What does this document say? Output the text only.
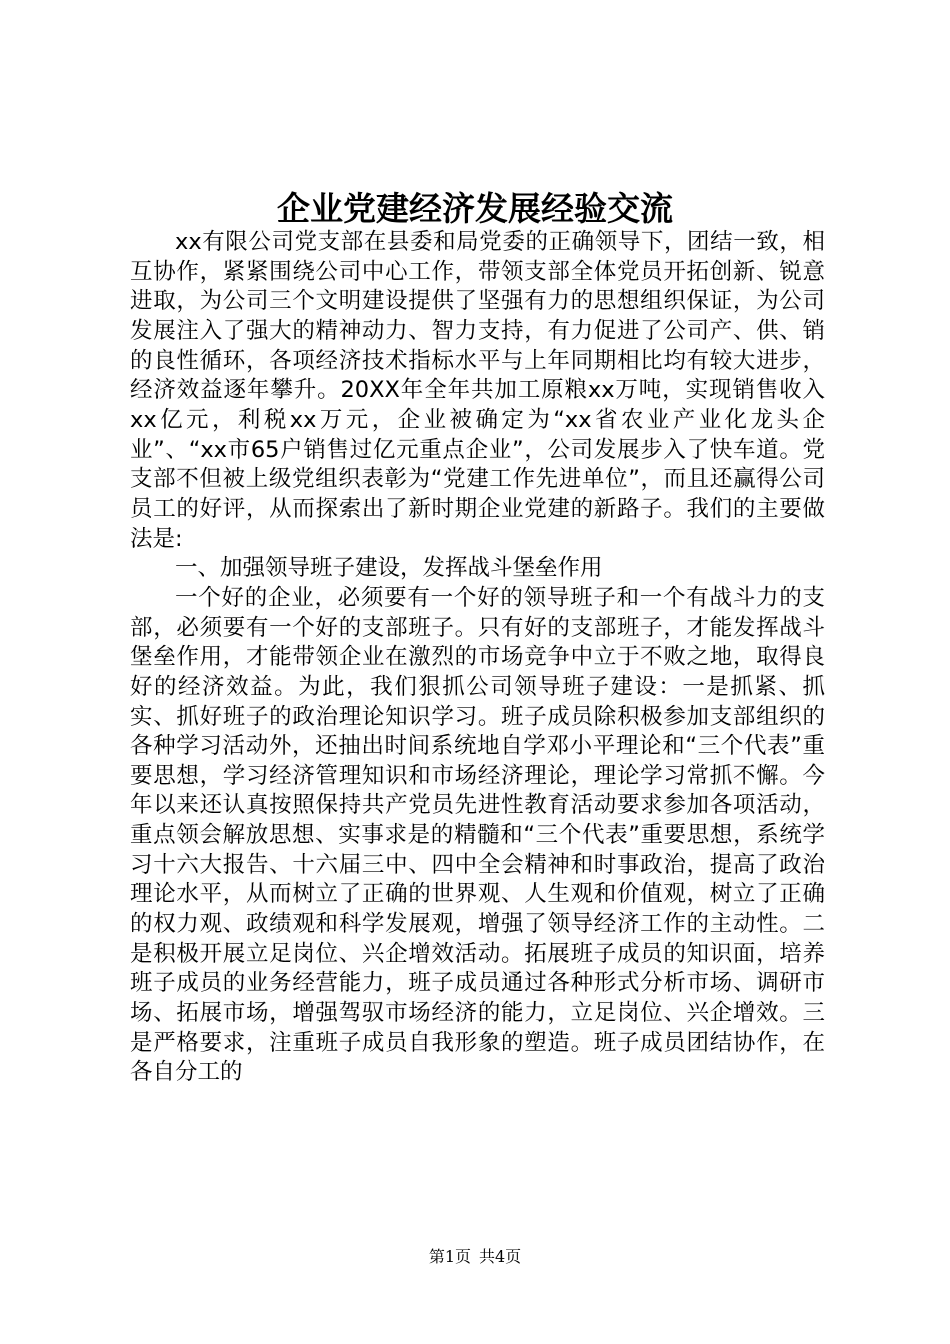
企业党建经济发展经验交流

xx有限公司党支部在县委和局党委的正确领导下，团结一致，相互协作，紧紧围绕公司中心工作，带领支部全体党员开拓创新、锐意进取，为公司三个文明建设提供了坚强有力的思想组织保证，为公司发展注入了强大的精神动力、智力支持，有力促进了公司产、供、销的良性循环，各项经济技术指标水平与上年同期相比均有较大进步，经济效益逐年攀升。20XX年全年共加工原粮xx万吨，实现销售收入xx亿元，利税xx万元，企业被确定为“xx省农业产业化龙头企业”、“xx市65户销售过亿元重点企业”，公司发展步入了快车道。党支部不但被上级党组织表彰为“党建工作先进单位”，而且还赢得公司员工的好评，从而探索出了新时期企业党建的新路子。我们的主要做法是:

一、加强领导班子建设，发挥战斗堡垒作用

一个好的企业，必须要有一个好的领导班子和一个有战斗力的支部，必须要有一个好的支部班子。只有好的支部班子，才能发挥战斗堡垒作用，才能带领企业在激烈的市场竞争中立于不败之地，取得良好的经济效益。为此，我们狠抓公司领导班子建设：一是抓紧、抓实、抓好班子的政治理论知识学习。班子成员除积极参加支部组织的各种学习活动外，还抽出时间系统地自学邓小平理论和“三个代表”重要思想，学习经济管理知识和市场经济理论，理论学习常抓不懈。今年以来还认真按照保持共产党员先进性教育活动要求参加各项活动，重点领会解放思想、实事求是的精髓和“三个代表”重要思想，系统学习十六大报告、十六届三中、四中全会精神和时事政治，提高了政治理论水平，从而树立了正确的世界观、人生观和价值观，树立了正确的权力观、政绩观和科学发展观，增强了领导经济工作的主动性。二是积极开展立足岗位、兴企增效活动。拓展班子成员的知识面，培养班子成员的业务经营能力，班子成员通过各种形式分析市场、调研市场、拓展市场，增强驾驭市场经济的能力，立足岗位、兴企增效。三是严格要求，注重班子成员自我形象的塑造。班子成员团结协作，在各自分工的

第1页 共4页
